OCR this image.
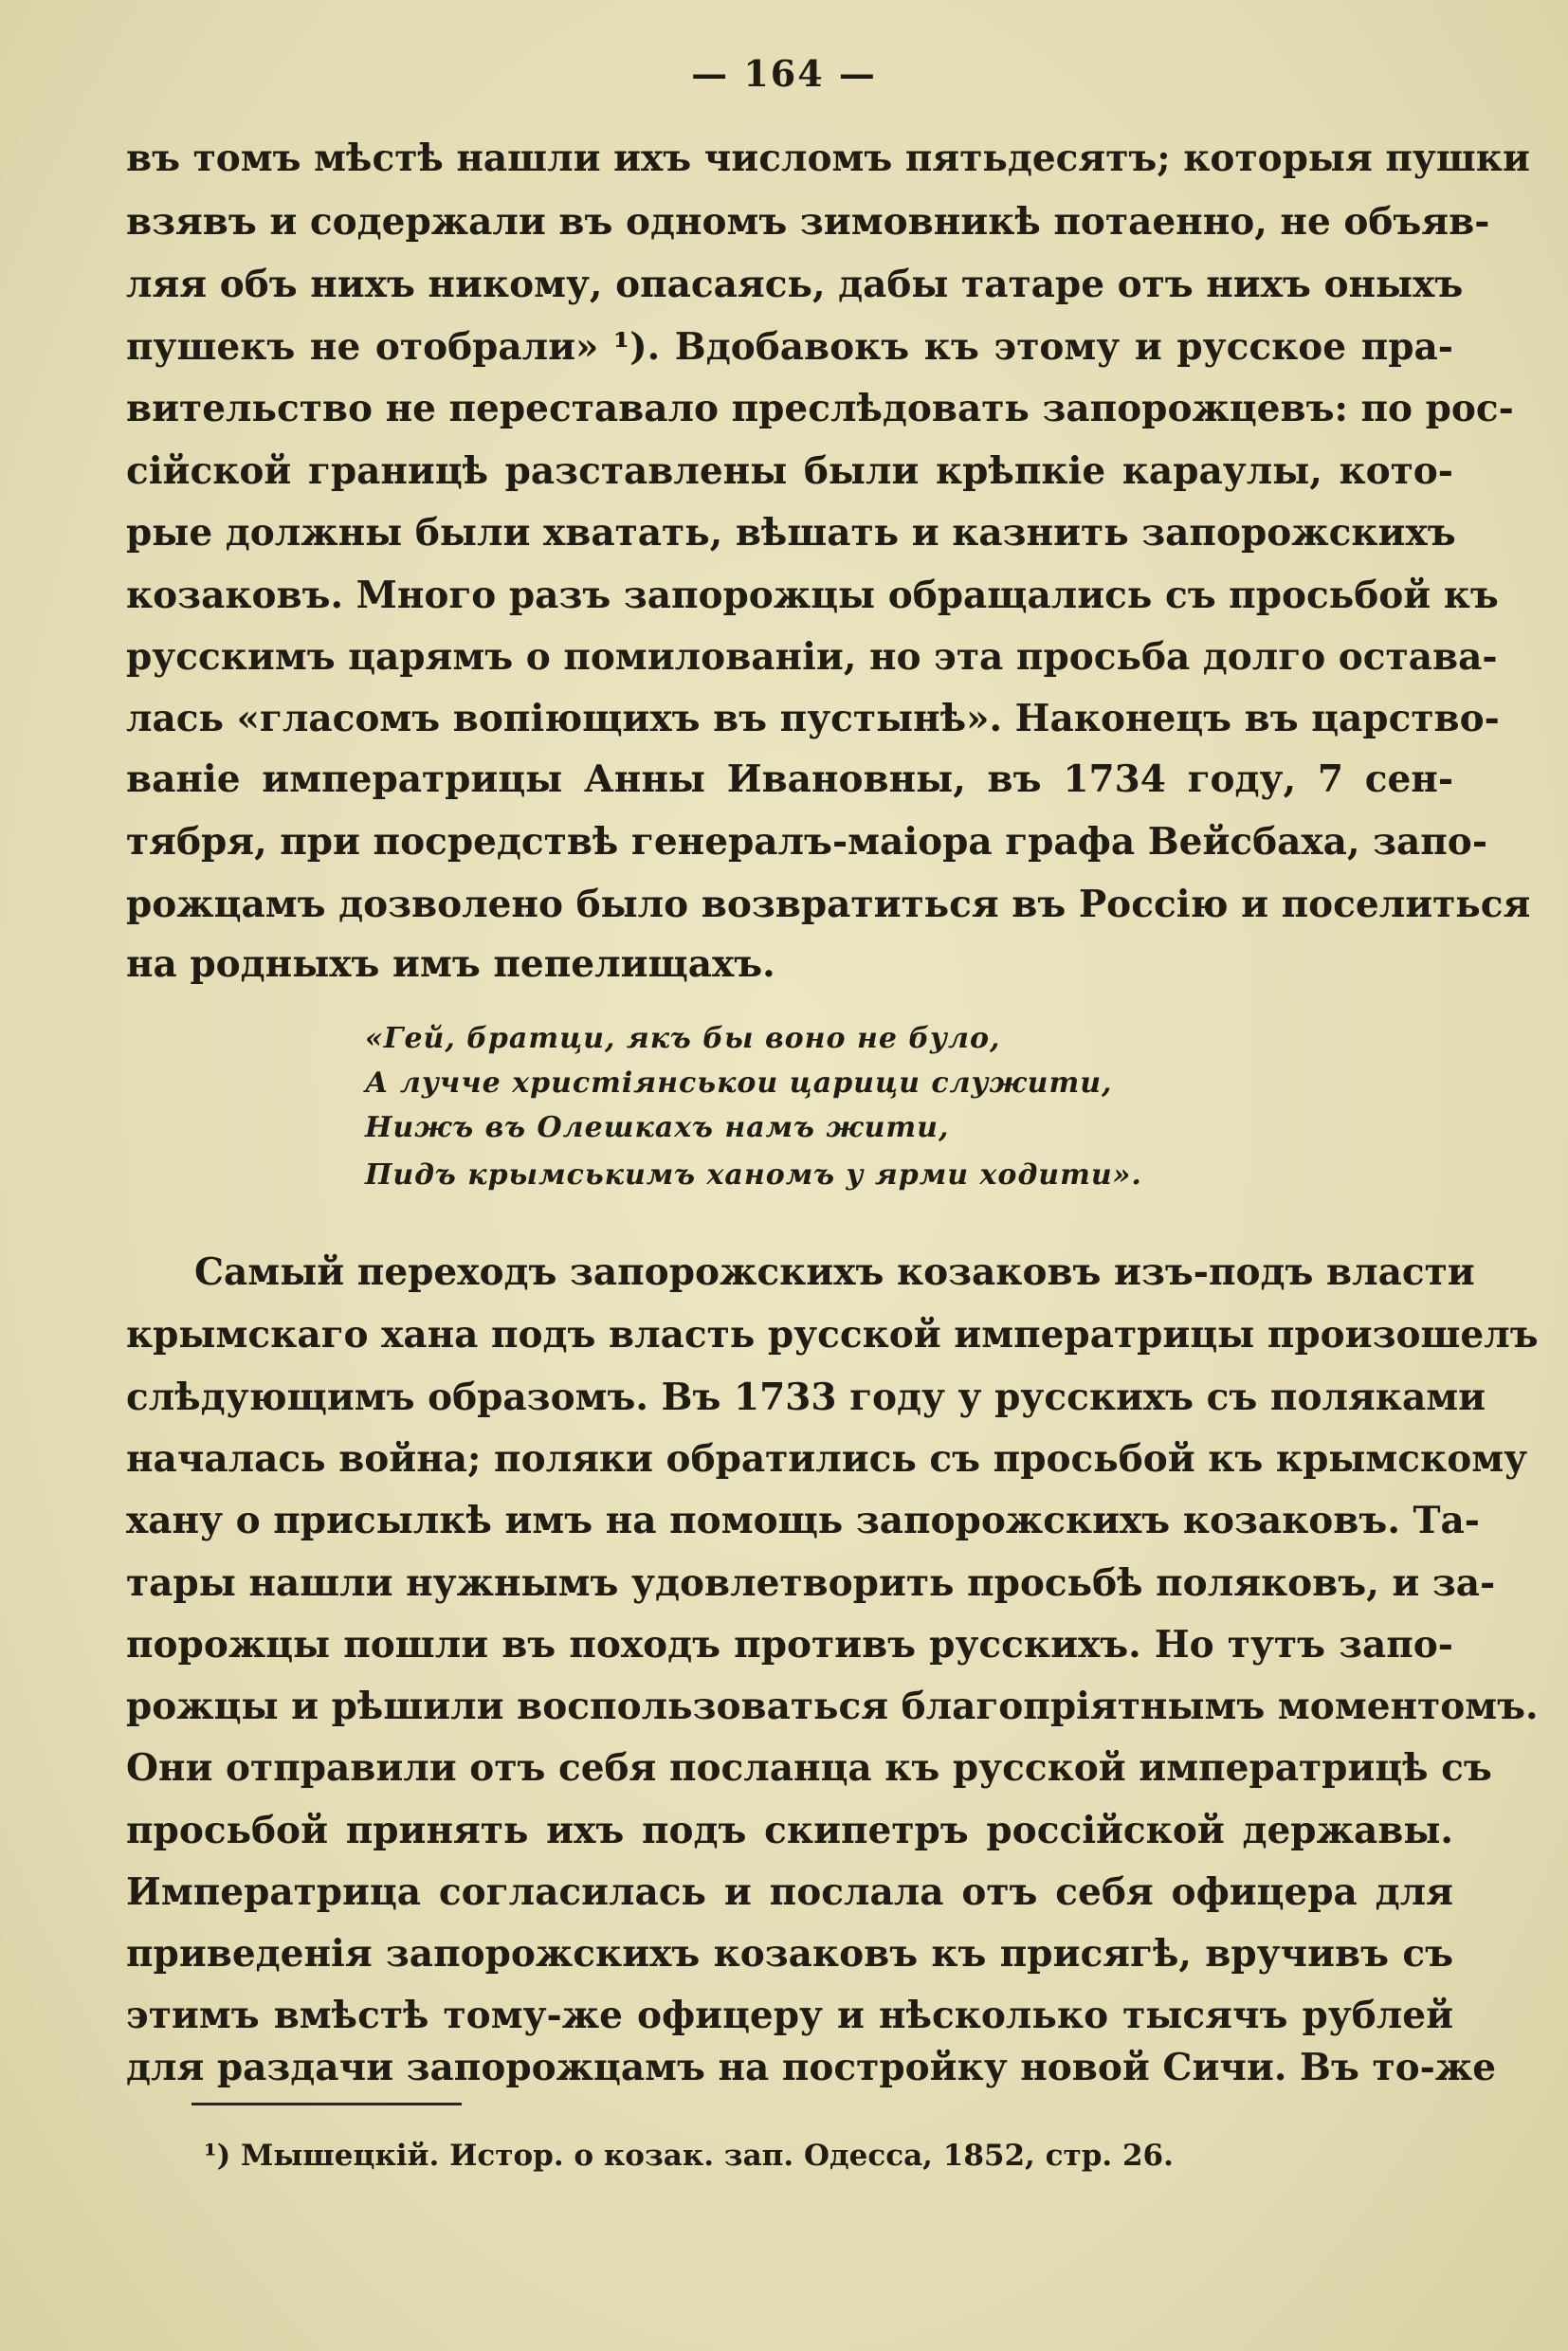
— 164 —
въ томъ мѣстѣ нашли ихъ числомъ пятьдесятъ; которыя пушки
взявъ и содержали въ одномъ зимовникѣ потаенно, не объяв-
ляя объ нихъ никому, опасаясь, дабы татаре отъ нихъ оныхъ
пушекъ не отобрали» ¹). Вдобавокъ къ этому и русское пра-
вительство не переставало преслѣдовать запорожцевъ: по рос-
сійской границѣ разставлены были крѣпкіе караулы, кото-
рые должны были хватать, вѣшать и казнить запорожскихъ
козаковъ. Много разъ запорожцы обращались съ просьбой къ
русскимъ царямъ о помилованіи, но эта просьба долго остава-
лась «гласомъ вопіющихъ въ пустынѣ». Наконецъ въ царство-
ваніе императрицы Анны Ивановны, въ 1734 году, 7 сен-
тября, при посредствѣ генералъ-маіора графа Вейсбаха, запо-
рожцамъ дозволено было возвратиться въ Россію и поселиться
на родныхъ имъ пепелищахъ.
«Гей, братци, якъ бы воно не було,
А лучче христіянськои царици служити,
Нижъ въ Олешкахъ намъ жити,
Пидъ крымськимъ ханомъ у ярми ходити».
Самый переходъ запорожскихъ козаковъ изъ-подъ власти
крымскаго хана подъ власть русской императрицы произошелъ
слѣдующимъ образомъ. Въ 1733 году у русскихъ съ поляками
началась война; поляки обратились съ просьбой къ крымскому
хану о присылкѣ имъ на помощь запорожскихъ козаковъ. Та-
тары нашли нужнымъ удовлетворить просьбѣ поляковъ, и за-
порожцы пошли въ походъ противъ русскихъ. Но тутъ запо-
рожцы и рѣшили воспользоваться благопріятнымъ моментомъ.
Они отправили отъ себя посланца къ русской императрицѣ съ
просьбой принять ихъ подъ скипетръ россійской державы.
Императрица согласилась и послала отъ себя офицера для
приведенія запорожскихъ козаковъ къ присягѣ, вручивъ съ
этимъ вмѣстѣ тому-же офицеру и нѣсколько тысячъ рублей
для раздачи запорожцамъ на постройку новой Сичи. Въ то-же
¹) Мышецкій. Истор. о козак. зап. Одесса, 1852, стр. 26.
